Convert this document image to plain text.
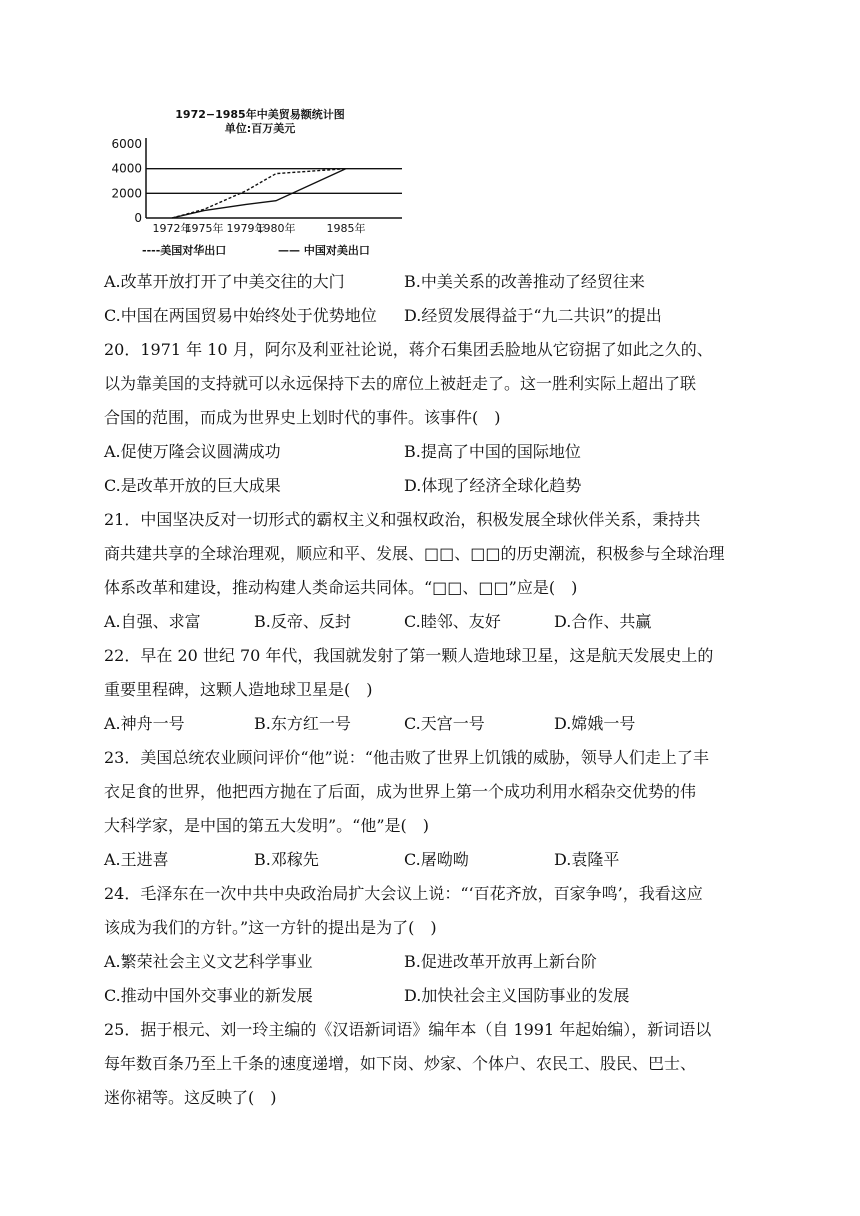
1972−1985年中美贸易额统计图
单位:百万美元
6000
4000
2000
0
1972年
1975年 1979年
1980年	1985年
----美国对华出口	—— 中国对美出口
A.改革开放打开了中美交往的大门	B.中美关系的改善推动了经贸往来
C.中国在两国贸易中始终处于优势地位 D.经贸发展得益于“九二共识”的提出
20．1971 年 10 月，阿尔及利亚社论说，蒋介石集团丢脸地从它窃据了如此之久的、
以为靠美国的支持就可以永远保持下去的席位上被赶走了。这一胜利实际上超出了联
合国的范围，而成为世界史上划时代的事件。该事件(　)
A.促使万隆会议圆满成功	B.提高了中国的国际地位
C.是改革开放的巨大成果	D.体现了经济全球化趋势
21．中国坚决反对一切形式的霸权主义和强权政治，积极发展全球伙伴关系，秉持共
商共建共享的全球治理观，顺应和平、发展、□□、□□的历史潮流，积极参与全球治理
体系改革和建设，推动构建人类命运共同体。“□□、□□”应是(　)
A.自强、求富	B.反帝、反封	C.睦邻、友好	D.合作、共赢
22．早在 20 世纪 70 年代，我国就发射了第一颗人造地球卫星，这是航天发展史上的
重要里程碑，这颗人造地球卫星是(　)
A.神舟一号	B.东方红一号	C.天宫一号	D.嫦娥一号
23．美国总统农业顾问评价“他”说：“他击败了世界上饥饿的威胁，领导人们走上了丰
衣足食的世界，他把西方抛在了后面，成为世界上第一个成功利用水稻杂交优势的伟
大科学家，是中国的第五大发明”。“他”是(　)
A.王进喜	B.邓稼先	C.屠呦呦	D.袁隆平
24．毛泽东在一次中共中央政治局扩大会议上说：“‘百花齐放，百家争鸣’，我看这应
该成为我们的方针。”这一方针的提出是为了(　)
A.繁荣社会主义文艺科学事业	B.促进改革开放再上新台阶
C.推动中国外交事业的新发展	D.加快社会主义国防事业的发展
25．据于根元、刘一玲主编的《汉语新词语》编年本（自 1991 年起始编），新词语以
每年数百条乃至上千条的速度递增，如下岗、炒家、个体户、农民工、股民、巴士、
迷你裙等。这反映了(　)
